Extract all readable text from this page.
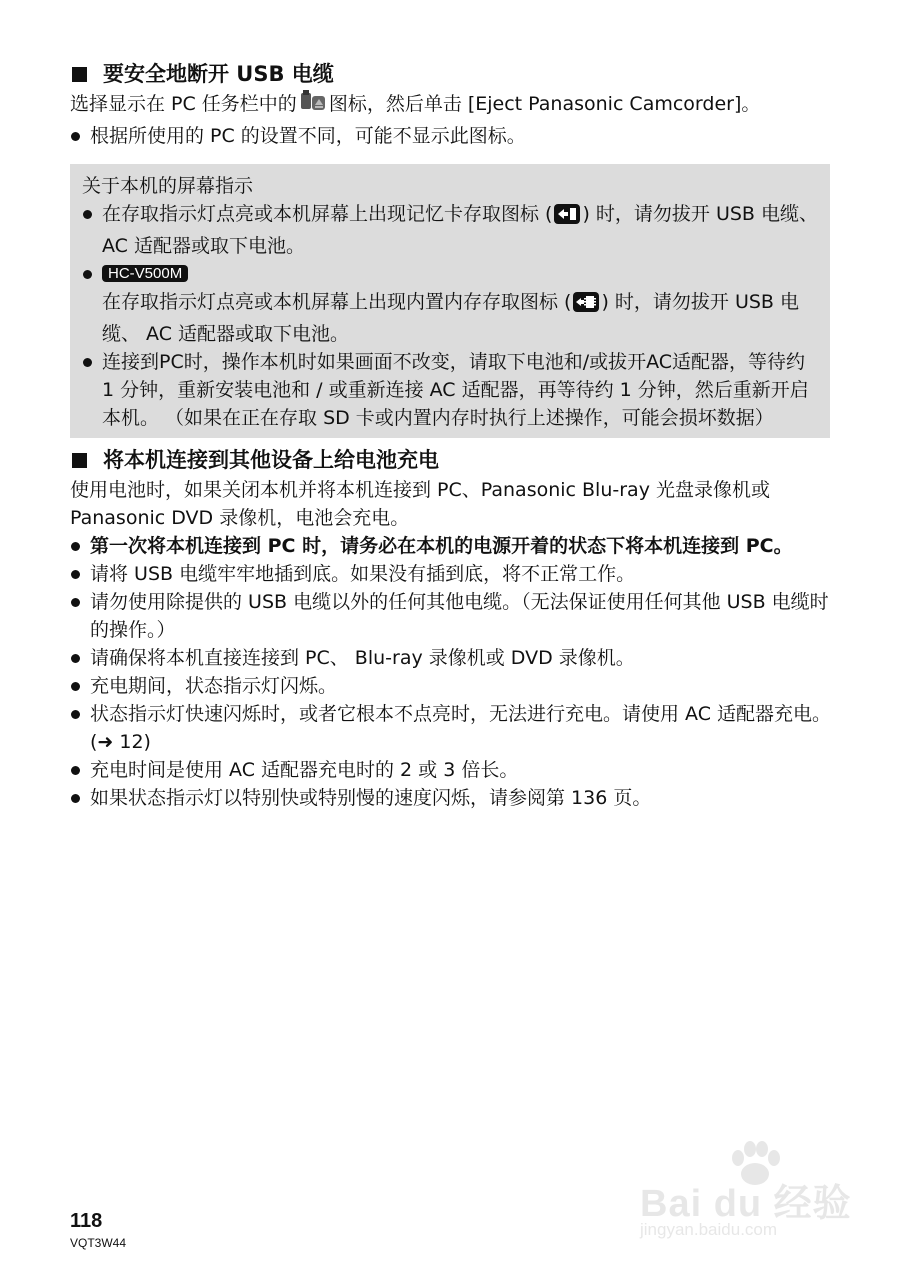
要安全地断开 USB 电缆

选择显示在 PC 任务栏中的 图标，然后单击 [Eject Panasonic Camcorder]。

根据所使用的 PC 的设置不同，可能不显示此图标。

关于本机的屏幕指示

在存取指示灯点亮或本机屏幕上出现记忆卡存取图标 ( ) 时，请勿拔开 USB 电缆、 AC 适配器或取下电池。

HC-V500M
在存取指示灯点亮或本机屏幕上出现内置内存存取图标 ( ) 时，请勿拔开 USB 电缆、 AC 适配器或取下电池。

连接到PC时，操作本机时如果画面不改变，请取下电池和/或拔开AC适配器，等待约 1 分钟，重新安装电池和 / 或重新连接 AC 适配器，再等待约 1 分钟，然后重新开启本机。 （如果在正在存取 SD 卡或内置内存时执行上述操作，可能会损坏数据）

将本机连接到其他设备上给电池充电

使用电池时，如果关闭本机并将本机连接到 PC、Panasonic Blu-ray 光盘录像机或 Panasonic DVD 录像机，电池会充电。

第一次将本机连接到 PC 时，请务必在本机的电源开着的状态下将本机连接到 PC。

请将 USB 电缆牢牢地插到底。如果没有插到底，将不正常工作。

请勿使用除提供的 USB 电缆以外的任何其他电缆。（无法保证使用任何其他 USB 电缆时的操作。）

请确保将本机直接连接到 PC、 Blu-ray 录像机或 DVD 录像机。

充电期间，状态指示灯闪烁。

状态指示灯快速闪烁时，或者它根本不点亮时，无法进行充电。请使用 AC 适配器充电。(➜ 12)

充电时间是使用 AC 适配器充电时的 2 或 3 倍长。

如果状态指示灯以特别快或特别慢的速度闪烁，请参阅第 136 页。

118
VQT3W44
Bai du 经验
jingyan.baidu.com
